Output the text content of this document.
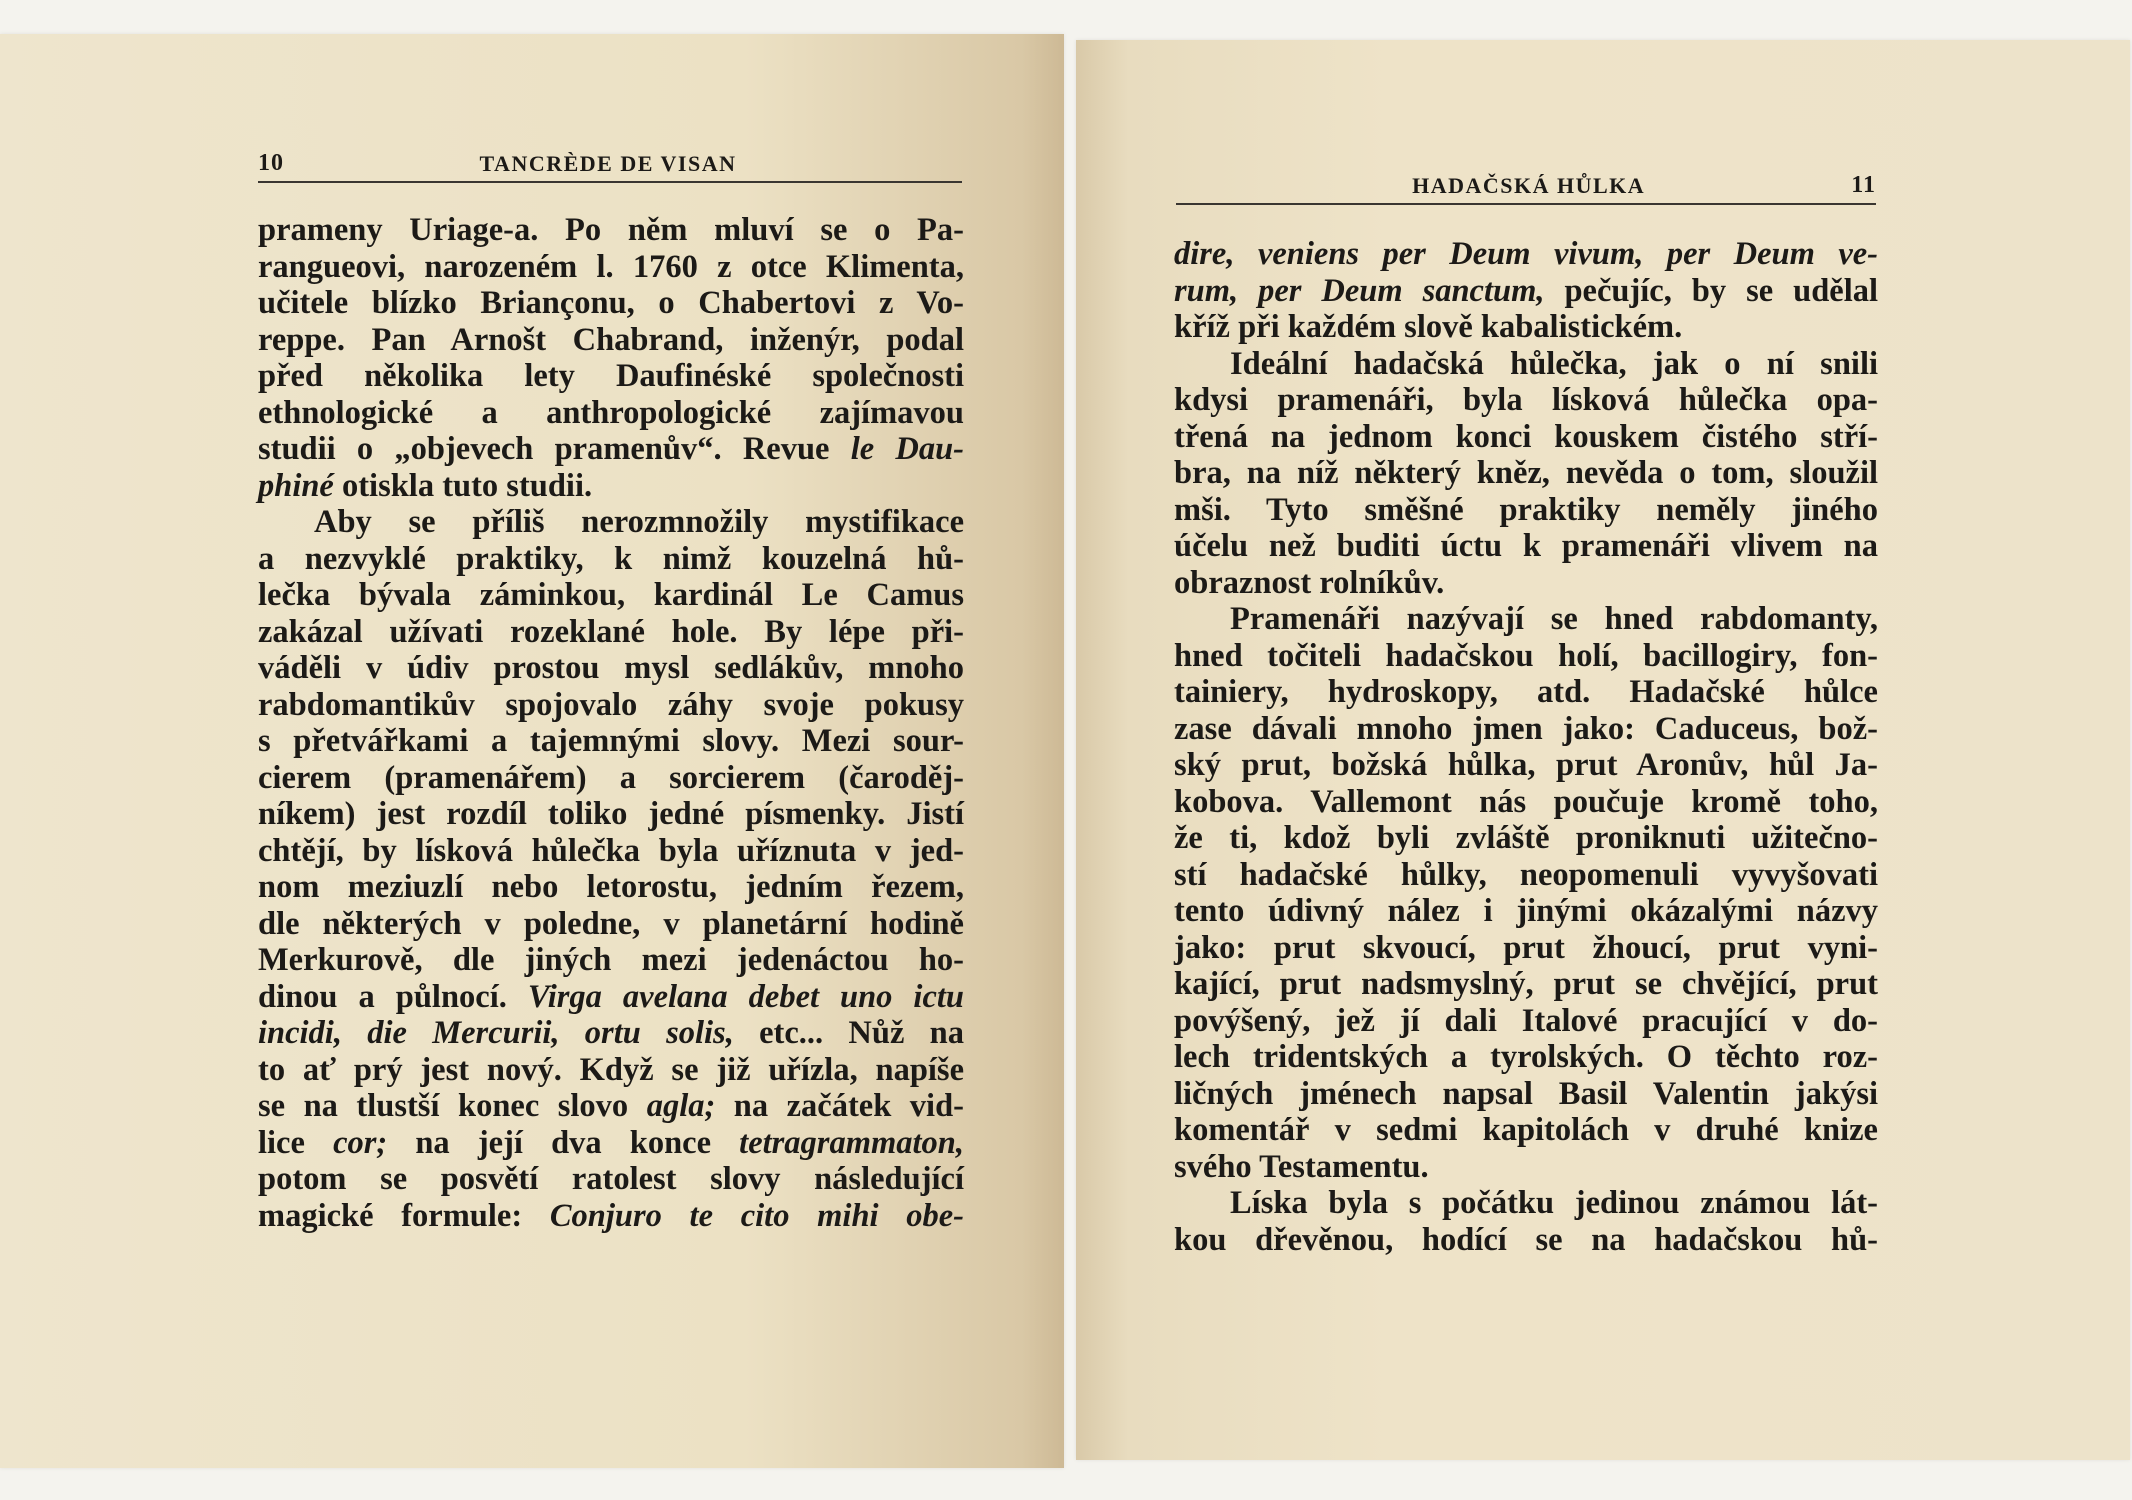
10	TANCRÈDE DE VISAN
prameny Uriage-a. Po něm mluví se o Pa-
rangueovi, narozeném l. 1760 z otce Klimenta,
učitele blízko Briançonu, o Chabertovi z Vo-
reppe. Pan Arnošt Chabrand, inženýr, podal
před několika lety Daufinéské společnosti
ethnologické a anthropologické zajímavou
studii o „objevech pramenův“. Revue le Dau-
phiné otiskla tuto studii.
Aby se příliš nerozmnožily mystifikace
a nezvyklé praktiky, k nimž kouzelná hů-
lečka bývala záminkou, kardinál Le Camus
zakázal užívati rozeklané hole. By lépe při-
váděli v údiv prostou mysl sedlákův, mnoho
rabdomantikův spojovalo záhy svoje pokusy
s přetvářkami a tajemnými slovy. Mezi sour-
cierem (pramenářem) a sorcierem (čaroděj-
níkem) jest rozdíl toliko jedné písmenky. Jistí
chtějí, by lísková hůlečka byla uříznuta v jed-
nom meziuzlí nebo letorostu, jedním řezem,
dle některých v poledne, v planetární hodině
Merkurově, dle jiných mezi jedenáctou ho-
dinou a půlnocí. Virga avelana debet uno ictu
incidi, die Mercurii, ortu solis, etc... Nůž na
to ať prý jest nový. Když se již uřízla, napíše
se na tlustší konec slovo agla; na začátek vid-
lice cor; na její dva konce tetragrammaton,
potom se posvětí ratolest slovy následující
magické formule: Conjuro te cito mihi obe-
HADAČSKÁ HŮLKA	11
dire, veniens per Deum vivum, per Deum ve-
rum, per Deum sanctum, pečujíc, by se udělal
kříž při každém slově kabalistickém.
Ideální hadačská hůlečka, jak o ní snili
kdysi pramenáři, byla lísková hůlečka opa-
třená na jednom konci kouskem čistého stří-
bra, na níž některý kněz, nevěda o tom, sloužil
mši. Tyto směšné praktiky neměly jiného
účelu než buditi úctu k pramenáři vlivem na
obraznost rolníkův.
Pramenáři nazývají se hned rabdomanty,
hned točiteli hadačskou holí, bacillogiry, fon-
tainiery, hydroskopy, atd. Hadačské hůlce
zase dávali mnoho jmen jako: Caduceus, bož-
ský prut, božská hůlka, prut Aronův, hůl Ja-
kobova. Vallemont nás poučuje kromě toho,
že ti, kdož byli zvláště proniknuti užitečno-
stí hadačské hůlky, neopomenuli vyvyšovati
tento údivný nález i jinými okázalými názvy
jako: prut skvoucí, prut žhoucí, prut vyni-
kající, prut nadsmyslný, prut se chvějící, prut
povýšený, jež jí dali Italové pracující v do-
lech tridentských a tyrolských. O těchto roz-
ličných jménech napsal Basil Valentin jakýsi
komentář v sedmi kapitolách v druhé knize
svého Testamentu.
Líska byla s počátku jedinou známou lát-
kou dřevěnou, hodící se na hadačskou hů-
